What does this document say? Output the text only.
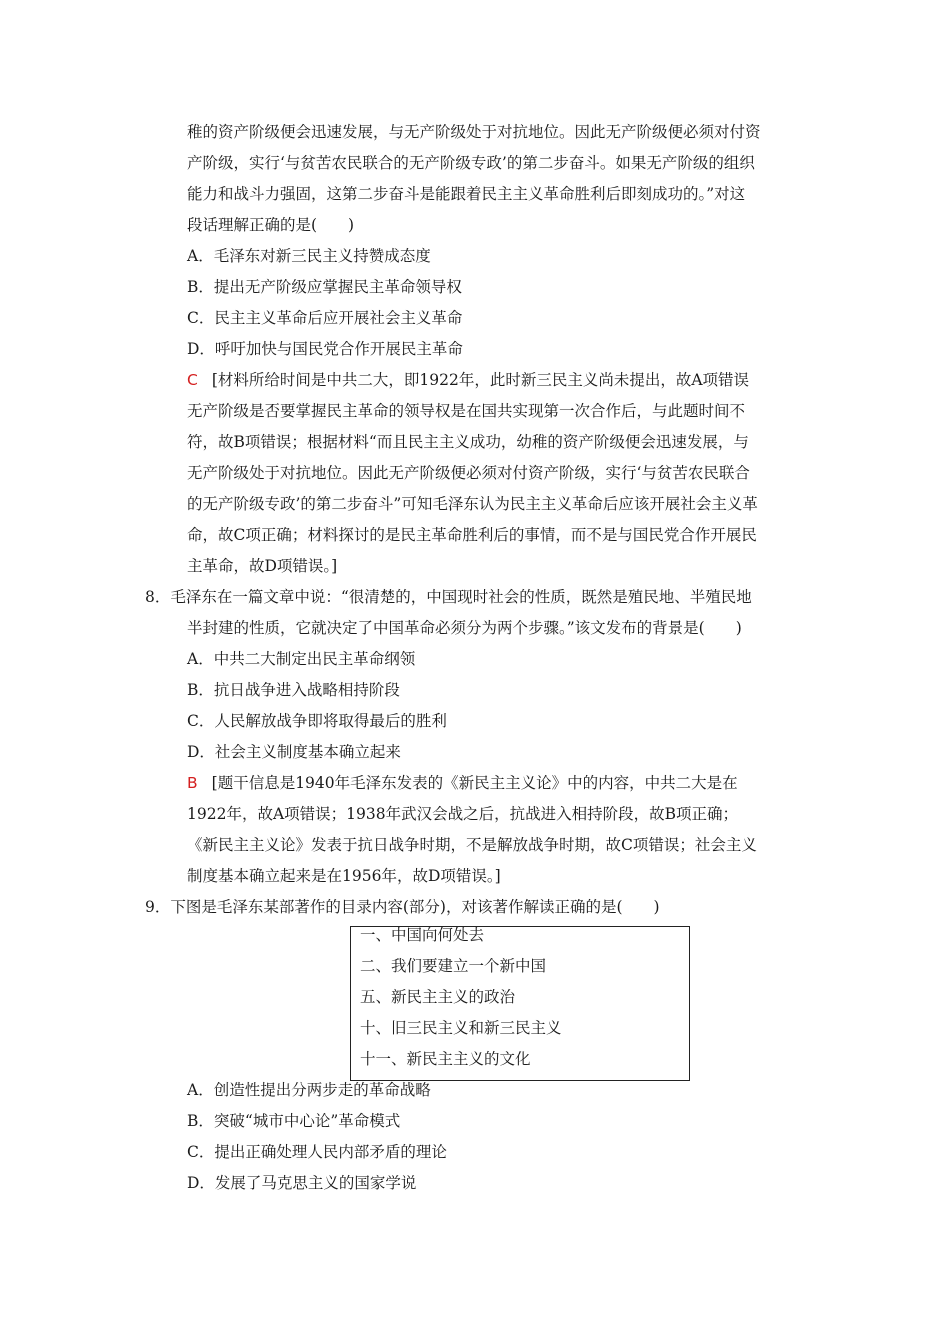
稚的资产阶级便会迅速发展，与无产阶级处于对抗地位。因此无产阶级便必须对付资
产阶级，实行‘与贫苦农民联合的无产阶级专政’的第二步奋斗。如果无产阶级的组织
能力和战斗力强固，这第二步奋斗是能跟着民主主义革命胜利后即刻成功的。”对这
段话理解正确的是(　　)
A．毛泽东对新三民主义持赞成态度
B．提出无产阶级应掌握民主革命领导权
C．民主主义革命后应开展社会主义革命
D．呼吁加快与国民党合作开展民主革命
C [材料所给时间是中共二大，即1922年，此时新三民主义尚未提出，故A项错误
无产阶级是否要掌握民主革命的领导权是在国共实现第一次合作后，与此题时间不
符，故B项错误；根据材料“而且民主主义成功，幼稚的资产阶级便会迅速发展，与
无产阶级处于对抗地位。因此无产阶级便必须对付资产阶级，实行‘与贫苦农民联合
的无产阶级专政’的第二步奋斗”可知毛泽东认为民主主义革命后应该开展社会主义革
命，故C项正确；材料探讨的是民主革命胜利后的事情，而不是与国民党合作开展民
主革命，故D项错误。]
8．毛泽东在一篇文章中说：“很清楚的，中国现时社会的性质，既然是殖民地、半殖民地
半封建的性质，它就决定了中国革命必须分为两个步骤。”该文发布的背景是(　　)
A．中共二大制定出民主革命纲领
B．抗日战争进入战略相持阶段
C．人民解放战争即将取得最后的胜利
D．社会主义制度基本确立起来
B [题干信息是1940年毛泽东发表的《新民主主义论》中的内容，中共二大是在
1922年，故A项错误；1938年武汉会战之后，抗战进入相持阶段，故B项正确；
《新民主主义论》发表于抗日战争时期，不是解放战争时期，故C项错误；社会主义
制度基本确立起来是在1956年，故D项错误。]
9．下图是毛泽东某部著作的目录内容(部分)，对该著作解读正确的是(　　)
一、中国向何处去
二、我们要建立一个新中国
五、新民主主义的政治
十、旧三民主义和新三民主义
十一、新民主主义的文化
A．创造性提出分两步走的革命战略
B．突破“城市中心论”革命模式
C．提出正确处理人民内部矛盾的理论
D．发展了马克思主义的国家学说
